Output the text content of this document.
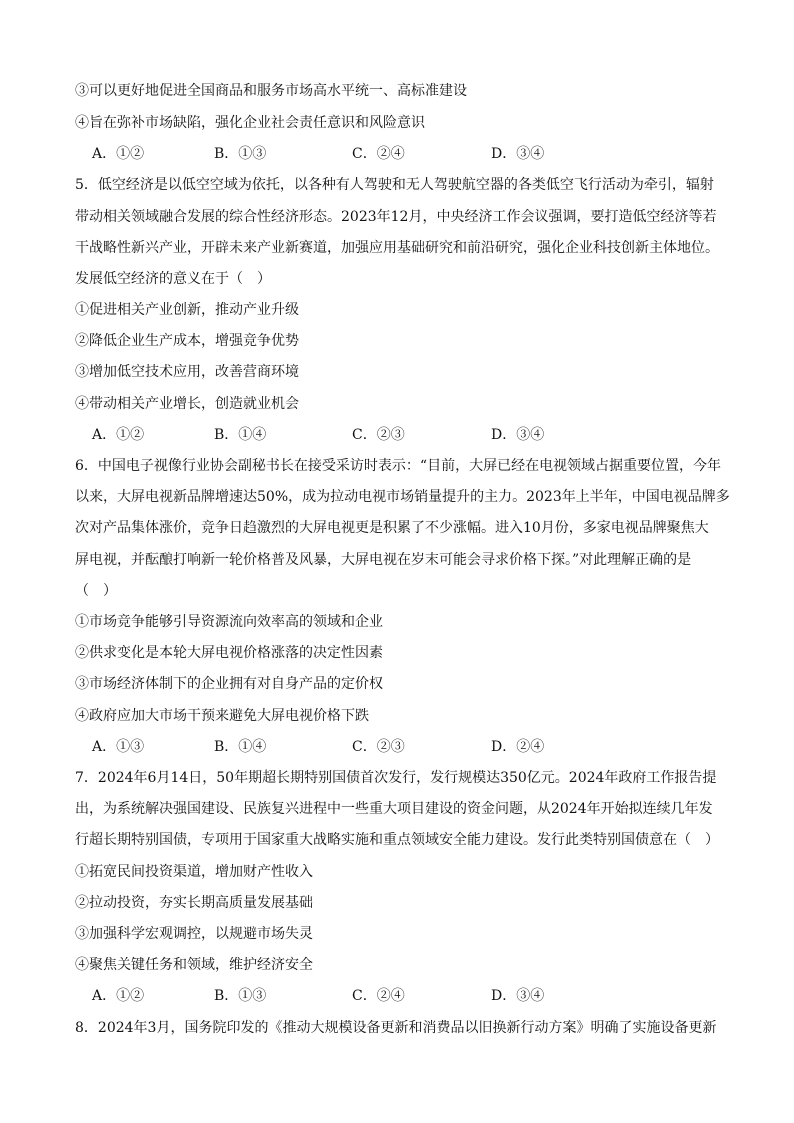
③可以更好地促进全国商品和服务市场高水平统一、高标准建设
④旨在弥补市场缺陷，强化企业社会责任意识和风险意识
A．①②	B．①③	C．②④	D．③④
5．低空经济是以低空空域为依托，以各种有人驾驶和无人驾驶航空器的各类低空飞行活动为牵引，辐射
带动相关领域融合发展的综合性经济形态。2023年12月，中央经济工作会议强调，要打造低空经济等若
干战略性新兴产业，开辟未来产业新赛道，加强应用基础研究和前沿研究，强化企业科技创新主体地位。
发展低空经济的意义在于（　）
①促进相关产业创新，推动产业升级
②降低企业生产成本，增强竞争优势
③增加低空技术应用，改善营商环境
④带动相关产业增长，创造就业机会
A．①②	B．①④	C．②③	D．③④
6．中国电子视像行业协会副秘书长在接受采访时表示：“目前，大屏已经在电视领域占据重要位置，今年
以来，大屏电视新品牌增速达50%，成为拉动电视市场销量提升的主力。2023年上半年，中国电视品牌多
次对产品集体涨价，竞争日趋激烈的大屏电视更是积累了不少涨幅。进入10月份，多家电视品牌聚焦大
屏电视，并酝酿打响新一轮价格普及风暴，大屏电视在岁末可能会寻求价格下探。”对此理解正确的是
（　）
①市场竞争能够引导资源流向效率高的领域和企业
②供求变化是本轮大屏电视价格涨落的决定性因素
③市场经济体制下的企业拥有对自身产品的定价权
④政府应加大市场干预来避免大屏电视价格下跌
A．①③	B．①④	C．②③	D．②④
7．2024年6月14日，50年期超长期特别国债首次发行，发行规模达350亿元。2024年政府工作报告提
出，为系统解决强国建设、民族复兴进程中一些重大项目建设的资金问题，从2024年开始拟连续几年发
行超长期特别国债，专项用于国家重大战略实施和重点领域安全能力建设。发行此类特别国债意在（　）
①拓宽民间投资渠道，增加财产性收入
②拉动投资，夯实长期高质量发展基础
③加强科学宏观调控，以规避市场失灵
④聚焦关键任务和领域，维护经济安全
A．①②	B．①③	C．②④	D．③④
8．2024年3月，国务院印发的《推动大规模设备更新和消费品以旧换新行动方案》明确了实施设备更新
